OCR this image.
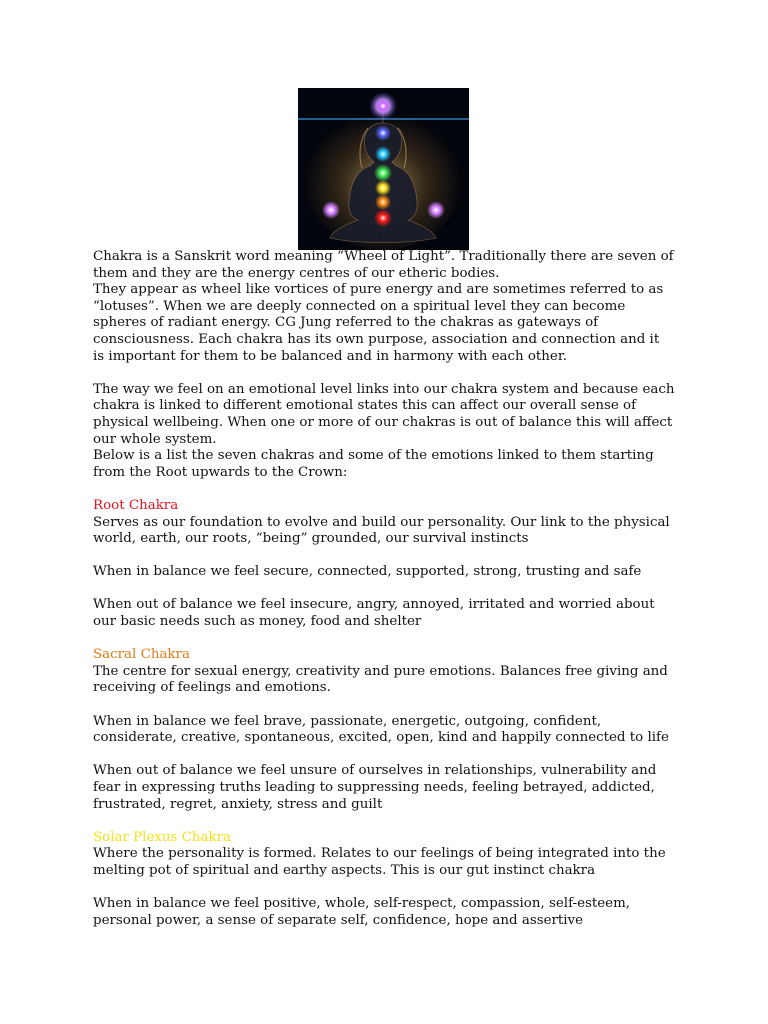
Chakra is a Sanskrit word meaning “Wheel of Light”. Traditionally there are seven of
them and they are the energy centres of our etheric bodies.
They appear as wheel like vortices of pure energy and are sometimes referred to as
“lotuses”. When we are deeply connected on a spiritual level they can become
spheres of radiant energy. CG Jung referred to the chakras as gateways of
consciousness. Each chakra has its own purpose, association and connection and it
is important for them to be balanced and in harmony with each other.

The way we feel on an emotional level links into our chakra system and because each
chakra is linked to different emotional states this can affect our overall sense of
physical wellbeing. When one or more of our chakras is out of balance this will affect
our whole system.
Below is a list the seven chakras and some of the emotions linked to them starting
from the Root upwards to the Crown:

Root Chakra

Serves as our foundation to evolve and build our personality. Our link to the physical
world, earth, our roots, “being” grounded, our survival instincts

When in balance we feel secure, connected, supported, strong, trusting and safe

When out of balance we feel insecure, angry, annoyed, irritated and worried about
our basic needs such as money, food and shelter

Sacral Chakra

The centre for sexual energy, creativity and pure emotions. Balances free giving and
receiving of feelings and emotions.

When in balance we feel brave, passionate, energetic, outgoing, confident,
considerate, creative, spontaneous, excited, open, kind and happily connected to life

When out of balance we feel unsure of ourselves in relationships, vulnerability and
fear in expressing truths leading to suppressing needs, feeling betrayed, addicted,
frustrated, regret, anxiety, stress and guilt

Solar Plexus Chakra

Where the personality is formed. Relates to our feelings of being integrated into the
melting pot of spiritual and earthy aspects. This is our gut instinct chakra

When in balance we feel positive, whole, self-respect, compassion, self-esteem,
personal power, a sense of separate self, confidence, hope and assertive
